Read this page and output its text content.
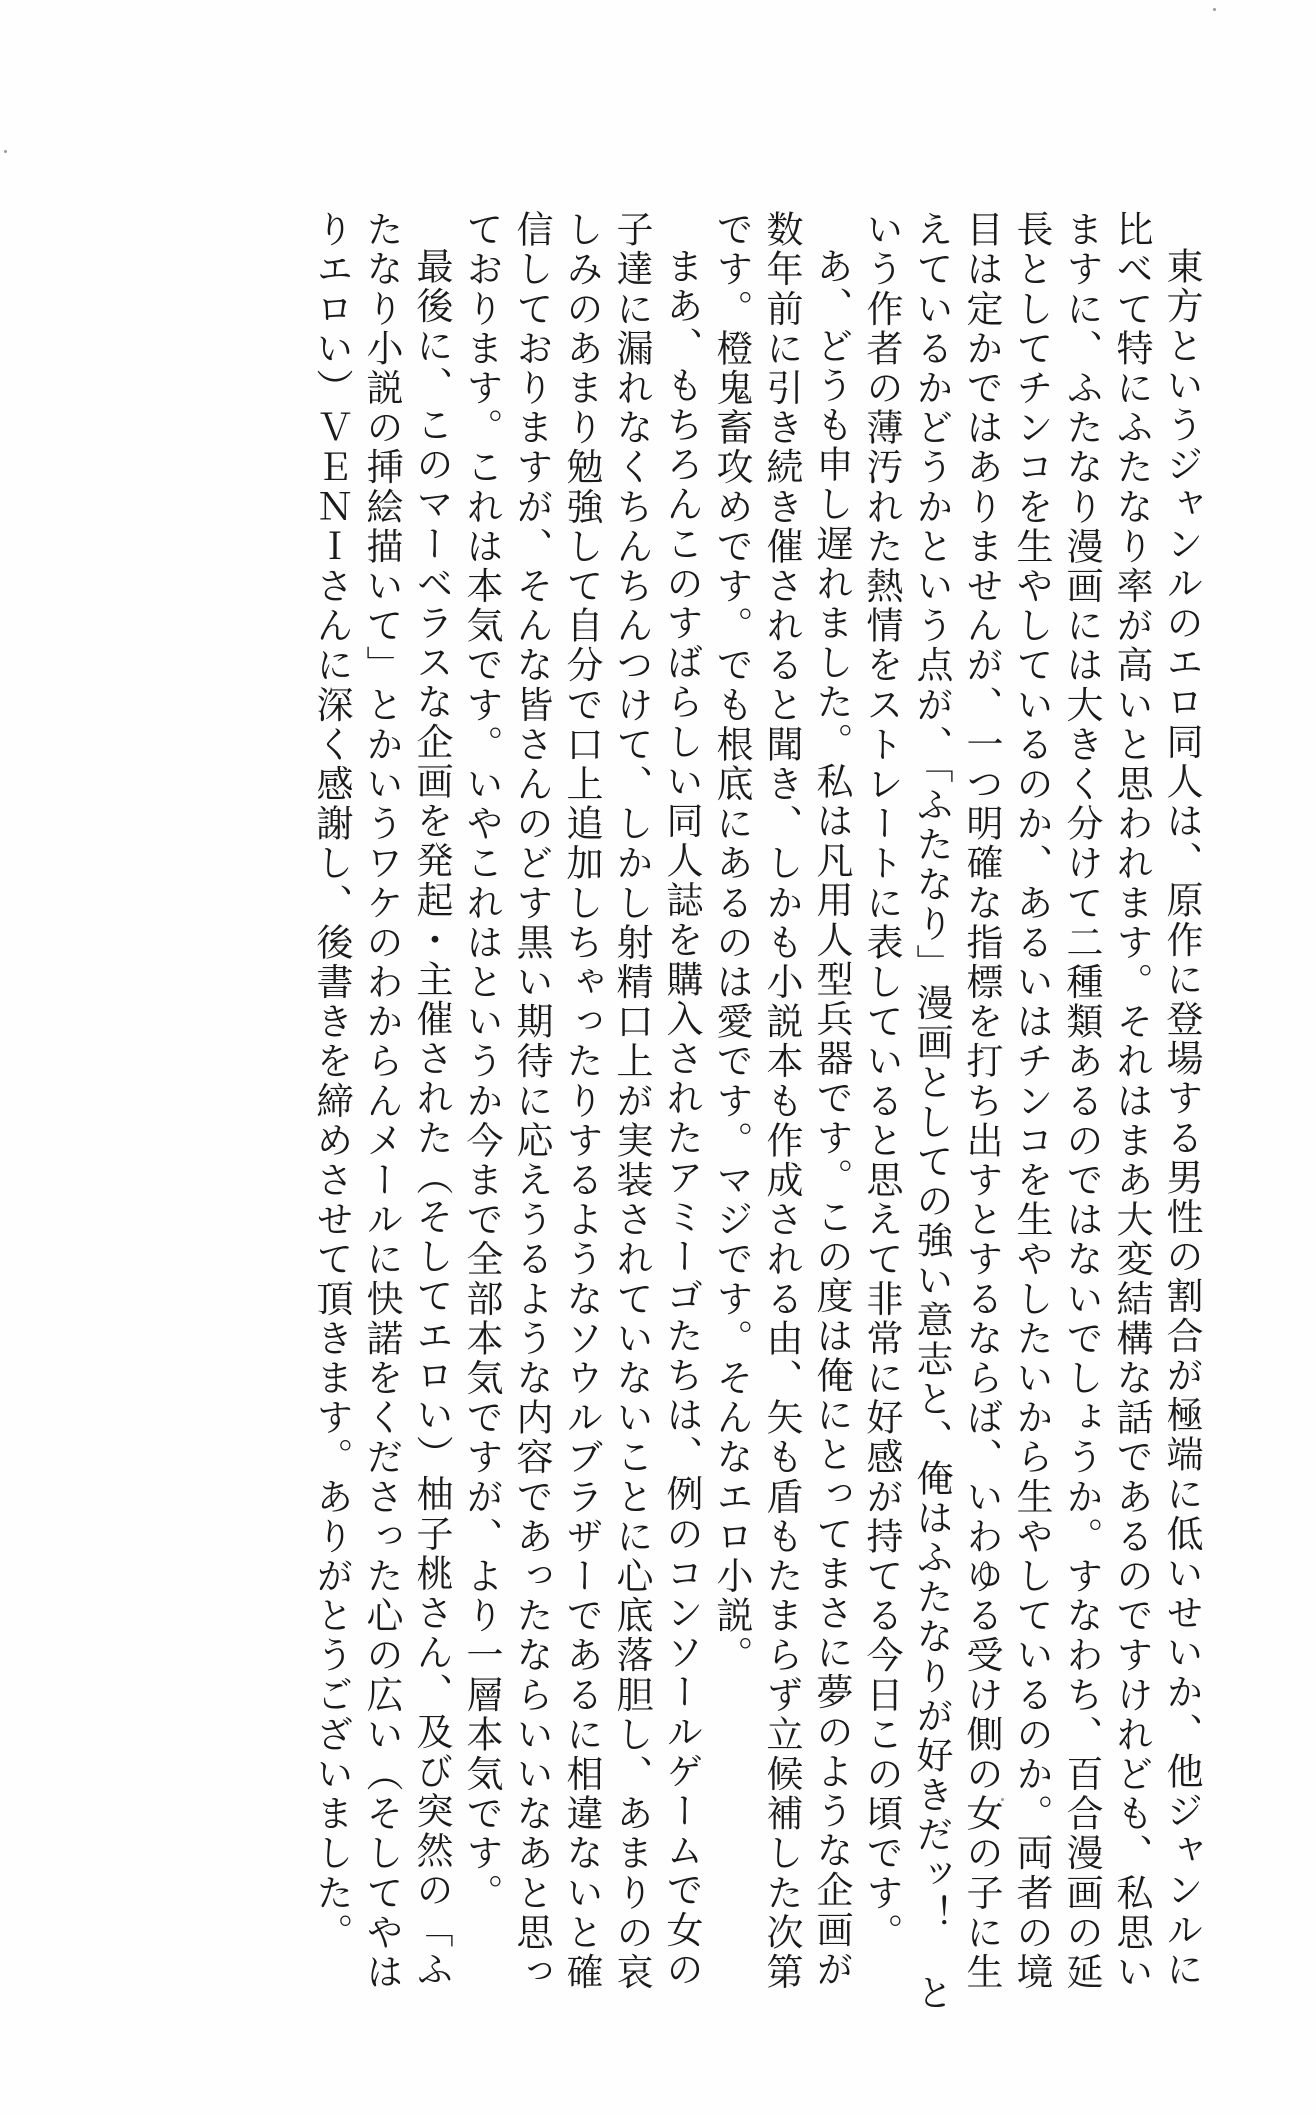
東方というジャンルのエロ同人は、原作に登場する男性の割合が極端に低いせいか、他ジャンルに

比べて特にふたなり率が高いと思われます。それはまあ大変結構な話であるのですけれども、私思い

ますに、ふたなり漫画には大きく分けて二種類あるのではないでしょうか。すなわち、百合漫画の延

長としてチンコを生やしているのか、あるいはチンコを生やしたいから生やしているのか。両者の境

目は定かではありませんが、一つ明確な指標を打ち出すとするならば、いわゆる受け側の女の子に生

えているかどうかという点が、「ふたなり」漫画としての強い意志と、俺はふたなりが好きだッ！　と

いう作者の薄汚れた熱情をストレートに表していると思えて非常に好感が持てる今日この頃です。

あ、どうも申し遅れました。私は凡用人型兵器です。この度は俺にとってまさに夢のような企画が

数年前に引き続き催されると聞き、しかも小説本も作成される由、矢も盾もたまらず立候補した次第

です。橙鬼畜攻めです。でも根底にあるのは愛です。マジです。そんなエロ小説。

まあ、もちろんこのすばらしい同人誌を購入されたアミーゴたちは、例のコンソールゲームで女の

子達に漏れなくちんちんつけて、しかし射精口上が実装されていないことに心底落胆し、あまりの哀

しみのあまり勉強して自分で口上追加しちゃったりするようなソウルブラザーであるに相違ないと確

信しておりますが、そんな皆さんのどす黒い期待に応えうるような内容であったならいいなあと思っ

ております。これは本気です。いやこれはというか今まで全部本気ですが、より一層本気です。

最後に、このマーベラスな企画を発起・主催された（そしてエロい）柚子桃さん、及び突然の「ふ

たなり小説の挿絵描いて」とかいうワケのわからんメールに快諾をくださった心の広い（そしてやは

りエロい）ＶＥＮＩさんに深く感謝し、後書きを締めさせて頂きます。ありがとうございました。
